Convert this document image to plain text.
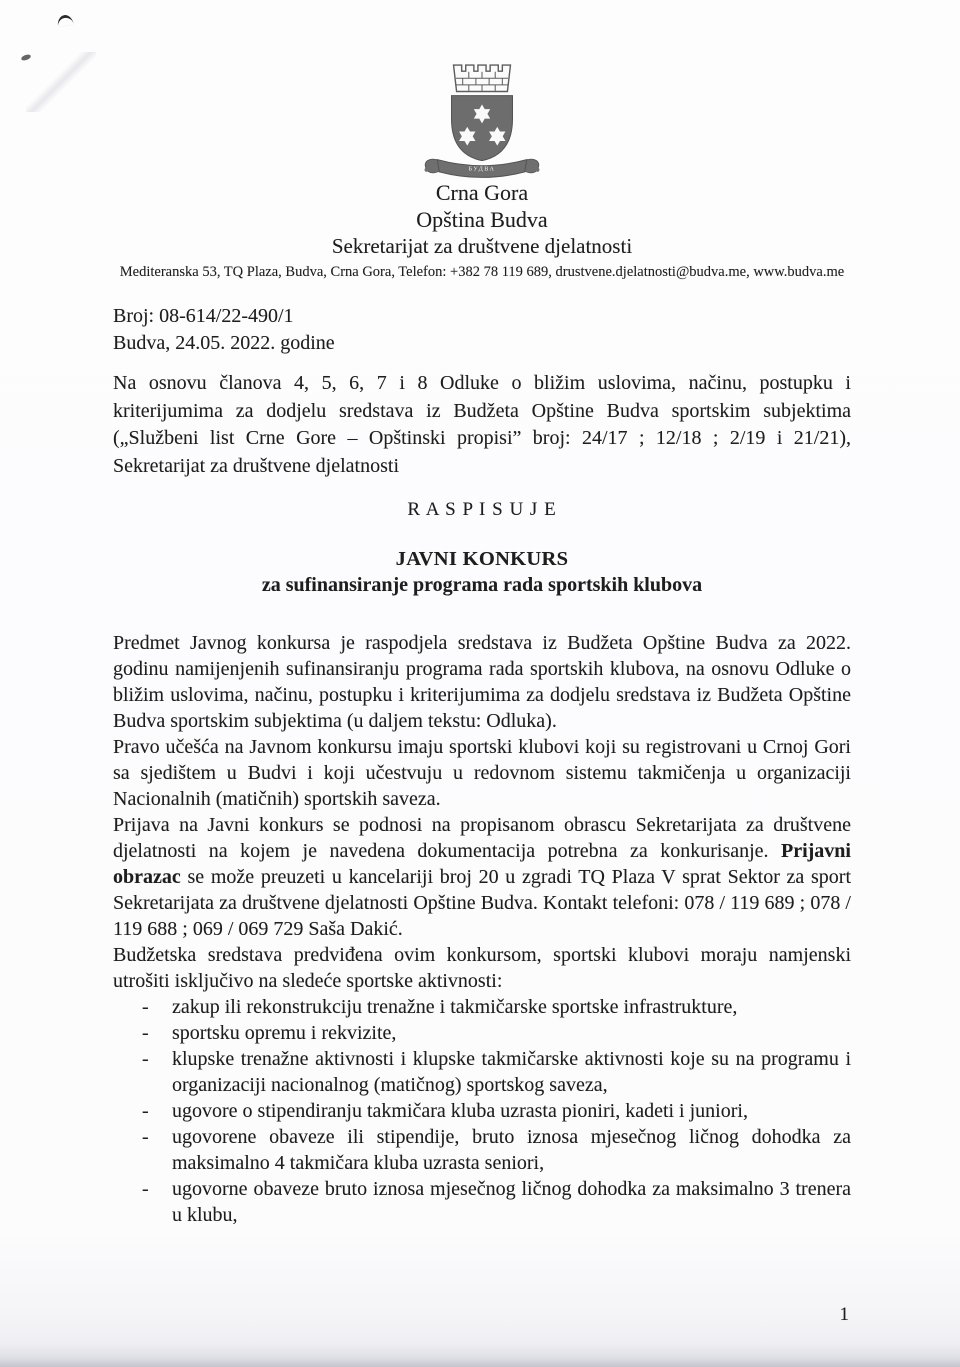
БУДВА
Crna Gora
Opština Budva
Sekretarijat za društvene djelatnosti
Mediteranska 53, TQ Plaza, Budva, Crna Gora, Telefon: +382 78 119 689, drustvene.djelatnosti@budva.me, www.budva.me
Broj: 08-614/22-490/1
Budva, 24.05. 2022. godine

Na osnovu članova 4, 5, 6, 7 i 8 Odluke o bližim uslovima, načinu, postupku i kriterijumima za dodjelu sredstava iz Budžeta Opštine Budva sportskim subjektima („Službeni list Crne Gore – Opštinski propisi” broj: 24/17 ; 12/18 ; 2/19 i 21/21), Sekretarijat za društvene djelatnosti

R A S P I S U J E
JAVNI KONKURS
za sufinansiranje programa rada sportskih klubova

Predmet Javnog konkursa je raspodjela sredstava iz Budžeta Opštine Budva za 2022. godinu namijenjenih sufinansiranju programa rada sportskih klubova, na osnovu Odluke o bližim uslovima, načinu, postupku i kriterijumima za dodjelu sredstava iz Budžeta Opštine Budva sportskim subjektima (u daljem tekstu: Odluka).

Pravo učešća na Javnom konkursu imaju sportski klubovi koji su registrovani u Crnoj Gori sa sjedištem u Budvi i koji učestvuju u redovnom sistemu takmičenja u organizaciji Nacionalnih (matičnih) sportskih saveza.

Prijava na Javni konkurs se podnosi na propisanom obrascu Sekretarijata za društvene djelatnosti na kojem je navedena dokumentacija potrebna za konkurisanje. Prijavni obrazac se može preuzeti u kancelariji broj 20 u zgradi TQ Plaza V sprat Sektor za sport Sekretarijata za društvene djelatnosti Opštine Budva. Kontakt telefoni: 078 / 119 689 ; 078 / 119 688 ; 069 / 069 729 Saša Dakić.

Budžetska sredstava predviđena ovim konkursom, sportski klubovi moraju namjenski utrošiti isključivo na sledeće sportske aktivnosti:

-	zakup ili rekonstrukciju trenažne i takmičarske sportske infrastrukture,
-	sportsku opremu i rekvizite,
-	klupske trenažne aktivnosti i klupske takmičarske aktivnosti koje su na programu i organizaciji nacionalnog (matičnog) sportskog saveza,
-	ugovore o stipendiranju takmičara kluba uzrasta pioniri, kadeti i juniori,
-	ugovorene obaveze ili stipendije, bruto iznosa mjesečnog ličnog dohodka za maksimalno 4 takmičara kluba uzrasta seniori,
-	ugovorne obaveze bruto iznosa mjesečnog ličnog dohodka za maksimalno 3 trenera u klubu,
1
